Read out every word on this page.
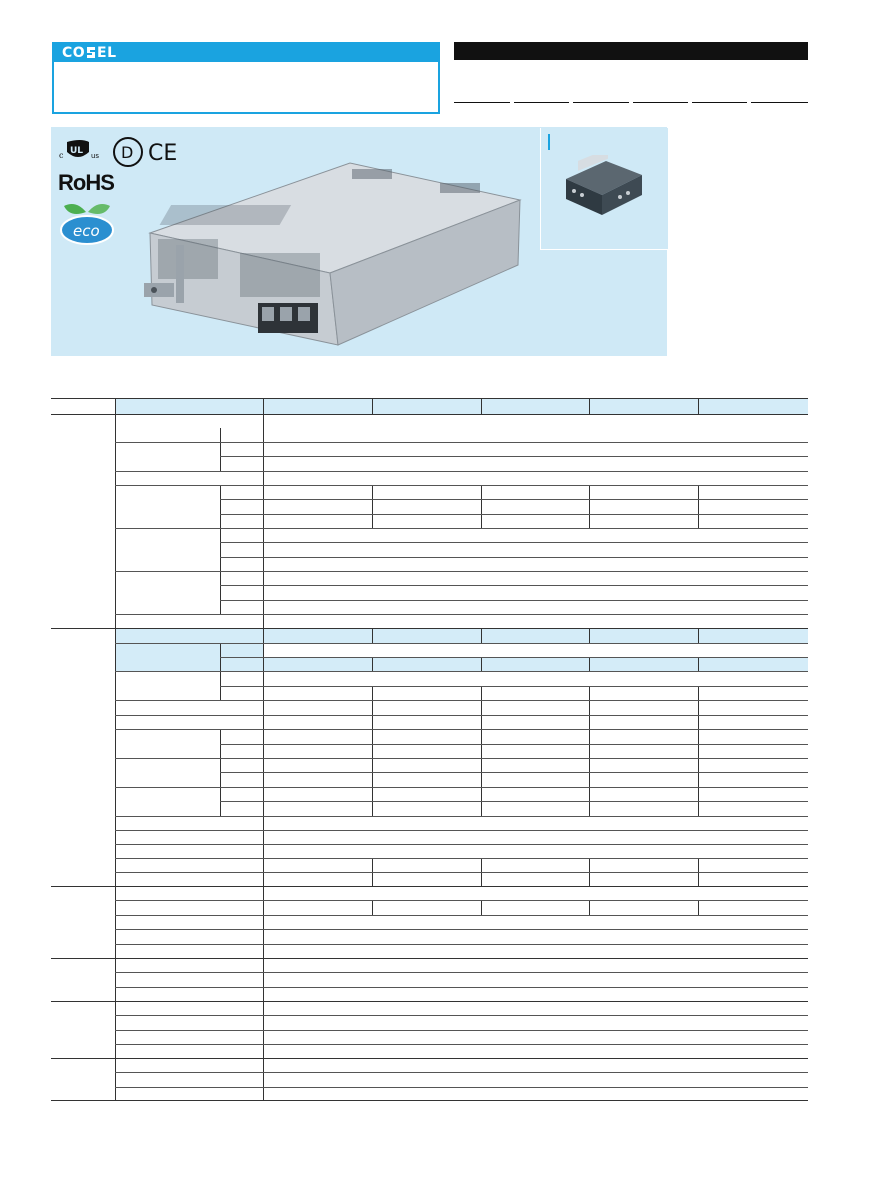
CO EL
c UL us D CE
RoHS
eco
